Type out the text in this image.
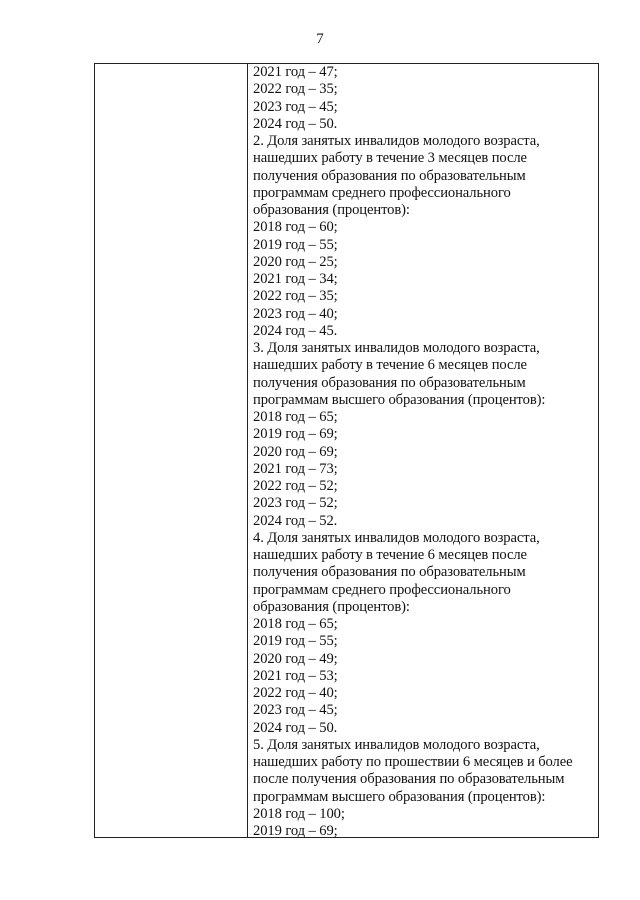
7
2021 год – 47;
2022 год – 35;
2023 год – 45;
2024 год – 50.
2. Доля занятых инвалидов молодого возраста,
нашедших работу в течение 3 месяцев после
получения образования по образовательным
программам среднего профессионального
образования (процентов):
2018 год – 60;
2019 год – 55;
2020 год – 25;
2021 год – 34;
2022 год – 35;
2023 год – 40;
2024 год – 45.
3. Доля занятых инвалидов молодого возраста,
нашедших работу в течение 6 месяцев после
получения образования по образовательным
программам высшего образования (процентов):
2018 год – 65;
2019 год – 69;
2020 год – 69;
2021 год – 73;
2022 год – 52;
2023 год – 52;
2024 год – 52.
4. Доля занятых инвалидов молодого возраста,
нашедших работу в течение 6 месяцев после
получения образования по образовательным
программам среднего профессионального
образования (процентов):
2018 год – 65;
2019 год – 55;
2020 год – 49;
2021 год – 53;
2022 год – 40;
2023 год – 45;
2024 год – 50.
5. Доля занятых инвалидов молодого возраста,
нашедших работу по прошествии 6 месяцев и более
после получения образования по образовательным
программам высшего образования (процентов):
2018 год – 100;
2019 год – 69;
